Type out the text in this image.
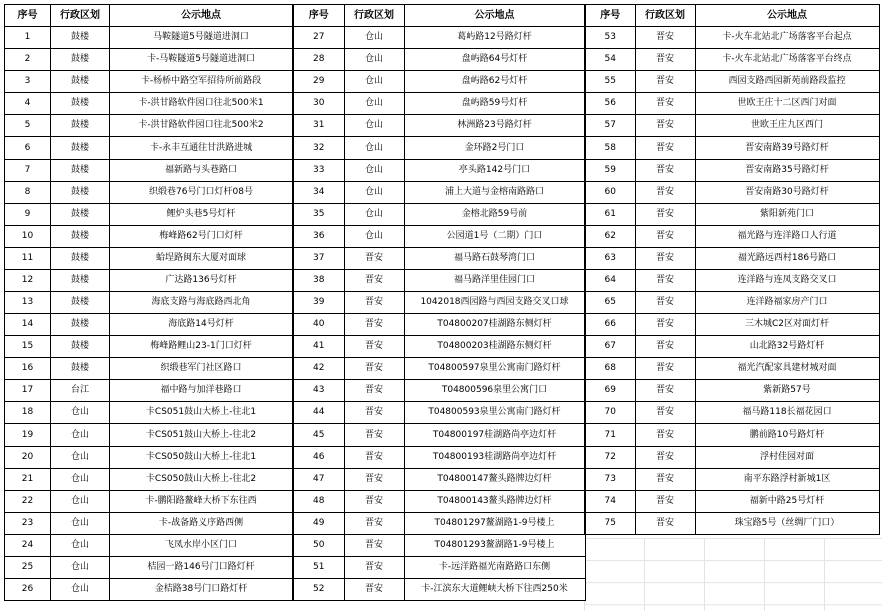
序号	行政区划	公示地点
1	鼓楼	马鞍隧道5号隧道进洞口
2	鼓楼	卡-马鞍隧道5号隧道进洞口
3	鼓楼	卡-杨桥中路空军招待所前路段
4	鼓楼	卡-洪甘路软件园口往北500米1
5	鼓楼	卡-洪甘路软件园口往北500米2
6	鼓楼	卡-永丰互通往甘洪路进城
7	鼓楼	福新路与头巷路口
8	鼓楼	织缎巷76号门口灯杆08号
9	鼓楼	鲤炉头巷5号灯杆
10	鼓楼	梅峰路62号门口灯杆
11	鼓楼	蛤埕路闽东大厦对面球
12	鼓楼	广达路136号灯杆
13	鼓楼	海底支路与海底路西北角
14	鼓楼	海底路14号灯杆
15	鼓楼	梅峰路鲤山23-1门口灯杆
16	鼓楼	织缎巷军门社区路口
17	台江	福中路与加洋巷路口
18	仓山	卡CS051鼓山大桥上-往北1
19	仓山	卡CS051鼓山大桥上-往北2
20	仓山	卡CS050鼓山大桥上-往北1
21	仓山	卡CS050鼓山大桥上-往北2
22	仓山	卡-鹏阳路鳌峰大桥下东往西
23	仓山	卡-战备路义序路西侧
24	仓山	飞凤水岸小区门口
25	仓山	桔园一路146号门口路灯杆
26	仓山	金桔路38号门口路灯杆
序号	行政区划	公示地点
27	仓山	葛屿路12号路灯杆
28	仓山	盘屿路64号灯杆
29	仓山	盘屿路62号灯杆
30	仓山	盘屿路59号灯杆
31	仓山	林洲路23号路灯杆
32	仓山	金环路2号门口
33	仓山	亭头路142号门口
34	仓山	浦上大道与金榕南路路口
35	仓山	金榕北路59号前
36	仓山	公园道1号（二期）门口
37	晋安	福马路石鼓琴湾门口
38	晋安	福马路洋里佳园门口
39	晋安	1042018西园路与西园支路交叉口球
40	晋安	T04800207桂湖路东侧灯杆
41	晋安	T04800203桂湖路东侧灯杆
42	晋安	T04800597泉里公寓南门路灯杆
43	晋安	T04800596泉里公寓门口
44	晋安	T04800593泉里公寓南门路灯杆
45	晋安	T04800197桂湖路尚亭边灯杆
46	晋安	T04800193桂湖路尚亭边灯杆
47	晋安	T04800147鳌头路牌边灯杆
48	晋安	T04800143鳌头路牌边灯杆
49	晋安	T04801297鳌湖路1-9号楼上
50	晋安	T04801293鳌湖路1-9号楼上
51	晋安	卡-远洋路福光南路路口东侧
52	晋安	卡-江滨东大道鲤峡大桥下往西250米
序号	行政区划	公示地点
53	晋安	卡-火车北站北广场落客平台起点
54	晋安	卡-火车北站北广场落客平台终点
55	晋安	西园支路西园新苑前路段监控
56	晋安	世欧王庄十二区西门对面
57	晋安	世欧王庄九区西门
58	晋安	晋安南路39号路灯杆
59	晋安	晋安南路35号路灯杆
60	晋安	晋安南路30号路灯杆
61	晋安	紫阳新苑门口
62	晋安	福光路与连洋路口人行道
63	晋安	福光路远西村186号路口
64	晋安	连洋路与连凤支路交叉口
65	晋安	连洋路福家房产门口
66	晋安	三木城C2区对面灯杆
67	晋安	山北路32号路灯杆
68	晋安	福光汽配家具建材城对面
69	晋安	紫新路57号
70	晋安	福马路118长福花园口
71	晋安	鹏前路10号路灯杆
72	晋安	浮村佳园对面
73	晋安	南平东路浮村新城1区
74	晋安	福新中路25号灯杆
75	晋安	珠宝路5号（丝绸厂门口）
